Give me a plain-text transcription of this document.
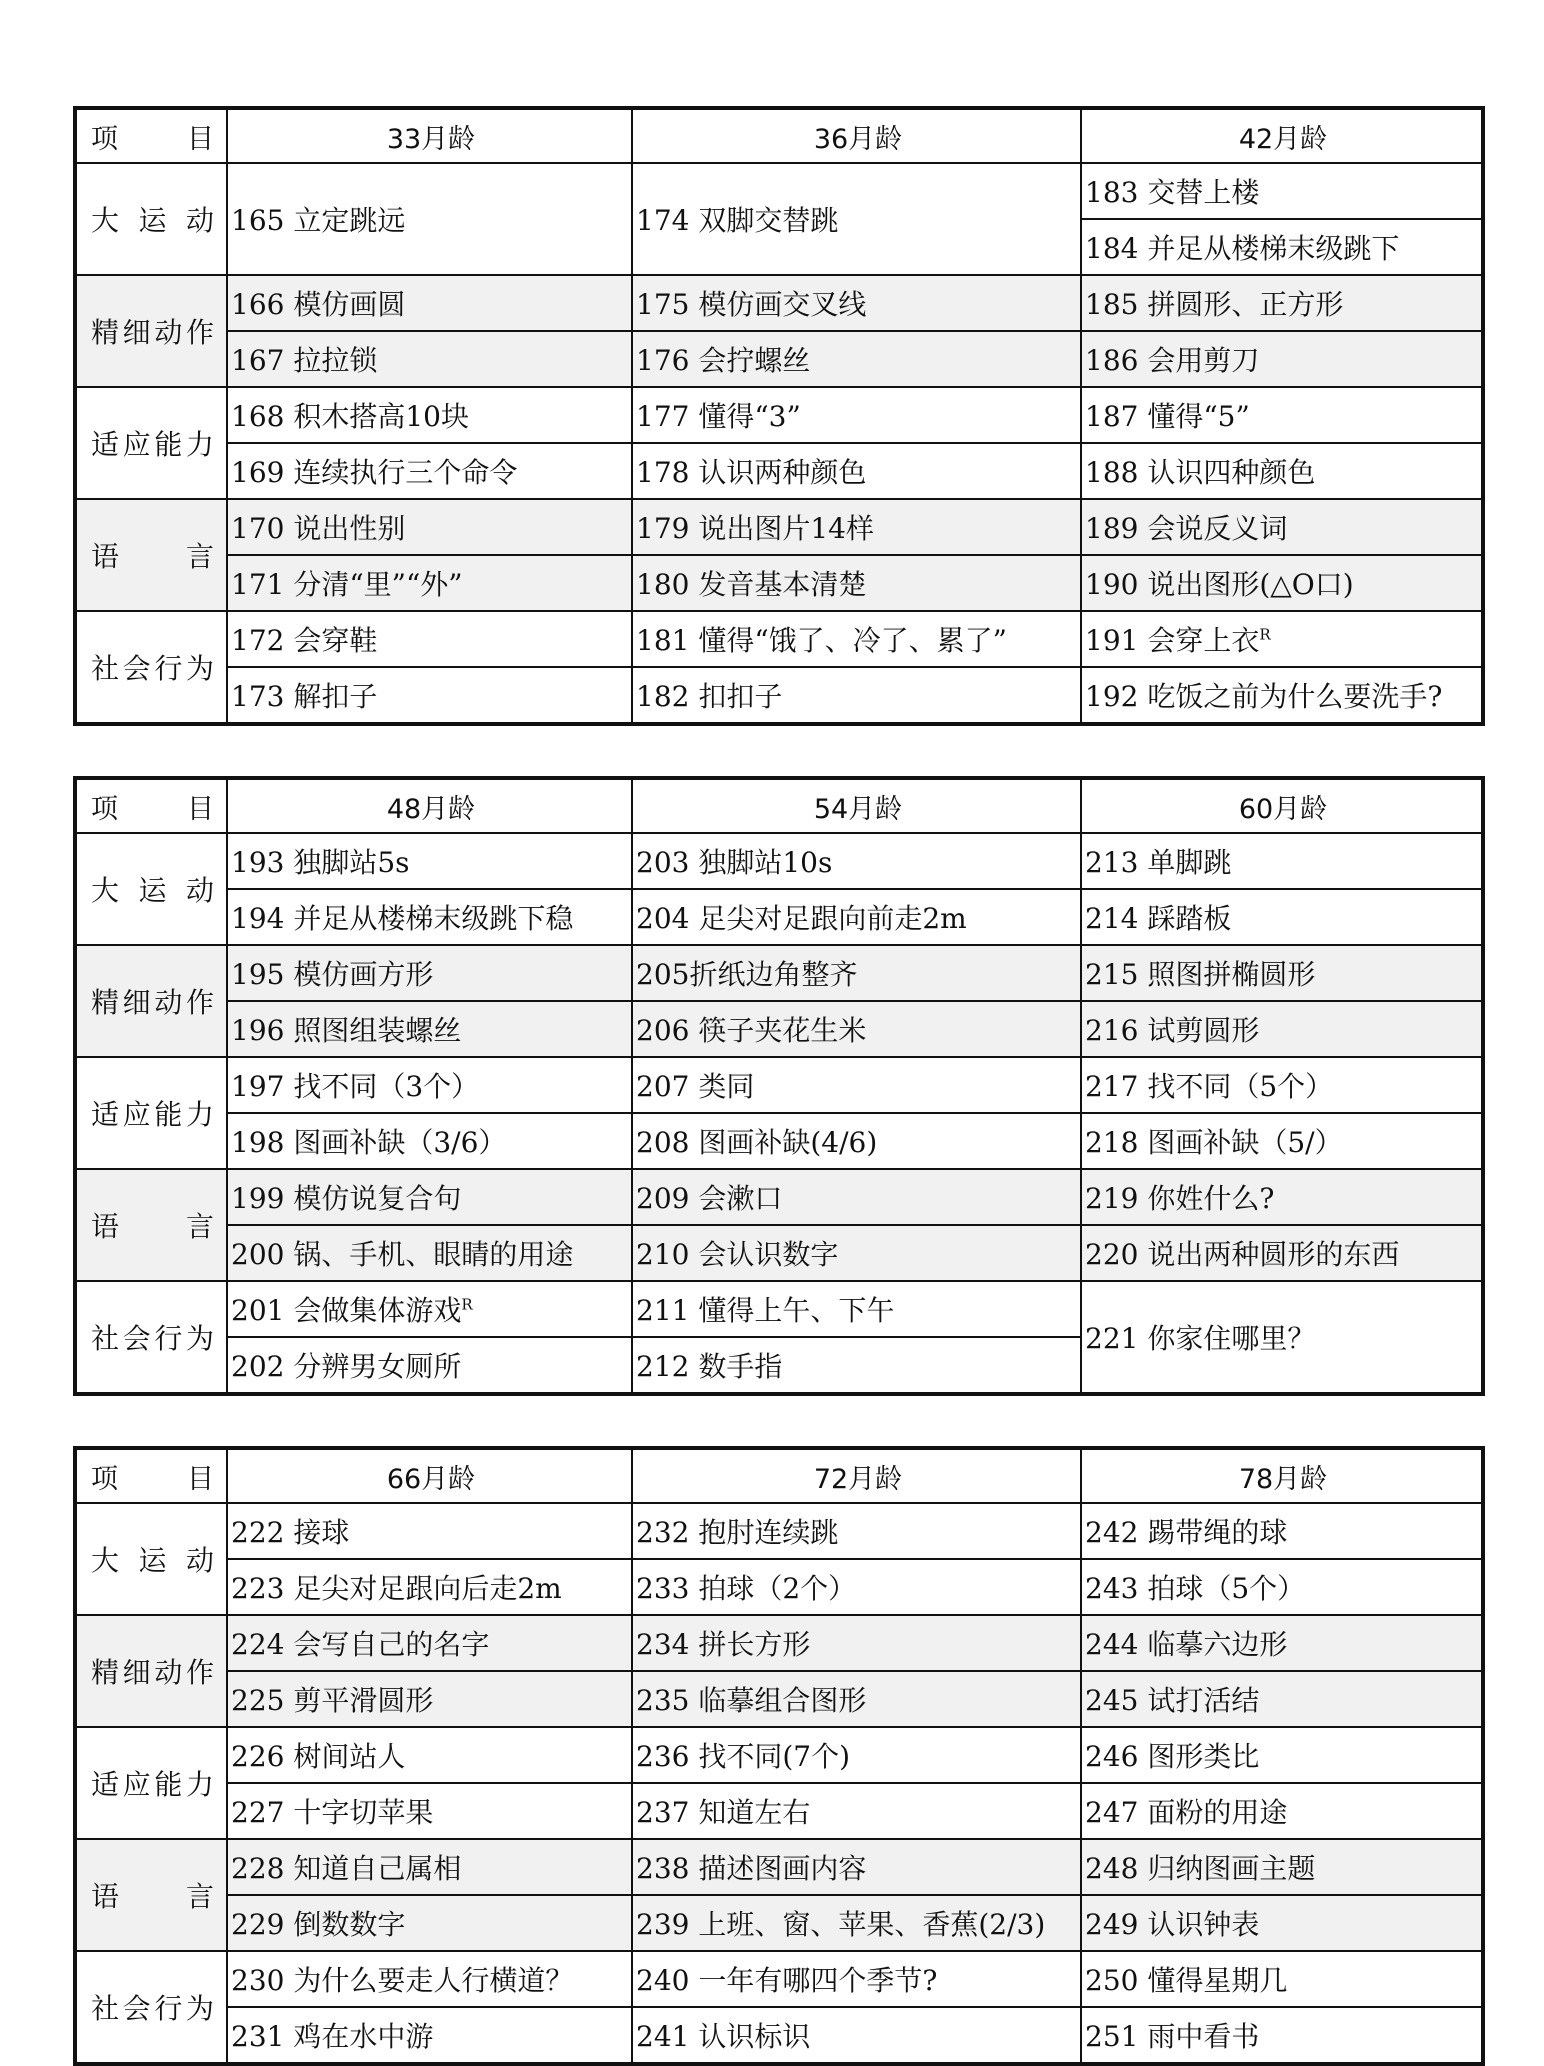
项　目	33月龄	36月龄	42月龄
大运动	165 立定跳远	174 双脚交替跳	183 交替上楼
			184 并足从楼梯末级跳下
精细动作	166 模仿画圆	175 模仿画交叉线	185 拼圆形、正方形
	167 拉拉锁	176 会拧螺丝	186 会用剪刀
适应能力	168 积木搭高10块	177 懂得“3”	187 懂得“5”
	169 连续执行三个命令	178 认识两种颜色	188 认识四种颜色
语言	170 说出性别	179 说出图片14样	189 会说反义词
	171 分清“里”“外”	180 发音基本清楚	190 说出图形(△O口)
社会行为	172 会穿鞋	181 懂得“饿了、冷了、累了”	191 会穿上衣$^R$
	173 解扣子	182 扣扣子	192 吃饭之前为什么要洗手?
项　目	48月龄	54月龄	60月龄
大运动	193 独脚站5s	203 独脚站10s	213 单脚跳
	194 并足从楼梯末级跳下稳	204 足尖对足跟向前走2m	214 踩踏板
精细动作	195 模仿画方形	205折纸边角整齐	215 照图拼椭圆形
	196 照图组装螺丝	206 筷子夹花生米	216 试剪圆形
适应能力	197 找不同（3个）	207 类同	217 找不同（5个）
	198 图画补缺（3/6）	208 图画补缺(4/6)	218 图画补缺（5/）
语言	199 模仿说复合句	209 会漱口	219 你姓什么?
	200 锅、手机、眼睛的用途	210 会认识数字	220 说出两种圆形的东西
社会行为	201 会做集体游戏$^R$	211 懂得上午、下午	221 你家住哪里？
	202 分辨男女厕所	212 数手指	
项　目	66月龄	72月龄	78月龄
大运动	222 接球	232 抱肘连续跳	242 踢带绳的球
	223 足尖对足跟向后走2m	233 拍球（2个）	243 拍球（5个）
精细动作	224 会写自己的名字	234 拼长方形	244 临摹六边形
	225 剪平滑圆形	235 临摹组合图形	245 试打活结
适应能力	226 树间站人	236 找不同(7个)	246 图形类比
	227 十字切苹果	237 知道左右	247 面粉的用途
语言	228 知道自己属相	238 描述图画内容	248 归纳图画主题
	229 倒数数字	239 上班、窗、苹果、香蕉(2/3)	249 认识钟表
社会行为	230 为什么要走人行横道？	240 一年有哪四个季节?	250 懂得星期几
	231 鸡在水中游	241 认识标识	251 雨中看书
